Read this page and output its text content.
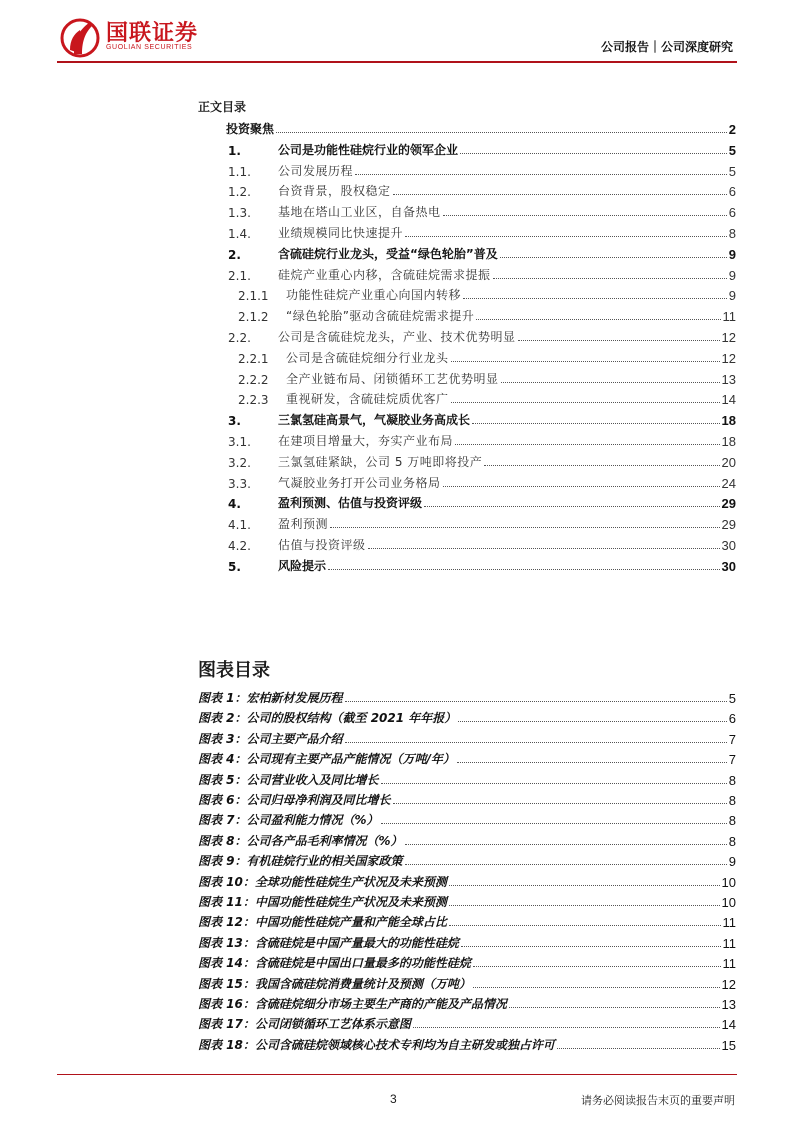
国联证券
GUOLIAN SECURITIES	公司报告｜公司深度研究
正文目录
投资聚焦	2
1.	公司是功能性硅烷行业的领军企业	5
1.1.	公司发展历程	5
1.2.	台资背景，股权稳定	6
1.3.	基地在塔山工业区，自备热电	6
1.4.	业绩规模同比快速提升	8
2.	含硫硅烷行业龙头，受益“绿色轮胎”普及	9
2.1.	硅烷产业重心内移，含硫硅烷需求提振	9
2.1.1	功能性硅烷产业重心向国内转移	9
2.1.2	“绿色轮胎”驱动含硫硅烷需求提升	11
2.2.	公司是含硫硅烷龙头，产业、技术优势明显	12
2.2.1	公司是含硫硅烷细分行业龙头	12
2.2.2	全产业链布局、闭锁循环工艺优势明显	13
2.2.3	重视研发，含硫硅烷质优客广	14
3.	三氯氢硅高景气，气凝胶业务高成长	18
3.1.	在建项目增量大，夯实产业布局	18
3.2.	三氯氢硅紧缺，公司 5 万吨即将投产	20
3.3.	气凝胶业务打开公司业务格局	24
4.	盈利预测、估值与投资评级	29
4.1.	盈利预测	29
4.2.	估值与投资评级	30
5.	风险提示	30
图表目录
图表 1：宏柏新材发展历程	5
图表 2：公司的股权结构（截至 2021 年年报）	6
图表 3：公司主要产品介绍	7
图表 4：公司现有主要产品产能情况（万吨/年）	7
图表 5：公司营业收入及同比增长	8
图表 6：公司归母净利润及同比增长	8
图表 7：公司盈利能力情况（%）	8
图表 8：公司各产品毛利率情况（%）	8
图表 9：有机硅烷行业的相关国家政策	9
图表 10：全球功能性硅烷生产状况及未来预测	10
图表 11：中国功能性硅烷生产状况及未来预测	10
图表 12：中国功能性硅烷产量和产能全球占比	11
图表 13：含硫硅烷是中国产量最大的功能性硅烷	11
图表 14：含硫硅烷是中国出口量最多的功能性硅烷	11
图表 15：我国含硫硅烷消费量统计及预测（万吨）	12
图表 16：含硫硅烷细分市场主要生产商的产能及产品情况	13
图表 17：公司闭锁循环工艺体系示意图	14
图表 18：公司含硫硅烷领域核心技术专利均为自主研发或独占许可	15
3	请务必阅读报告末页的重要声明
